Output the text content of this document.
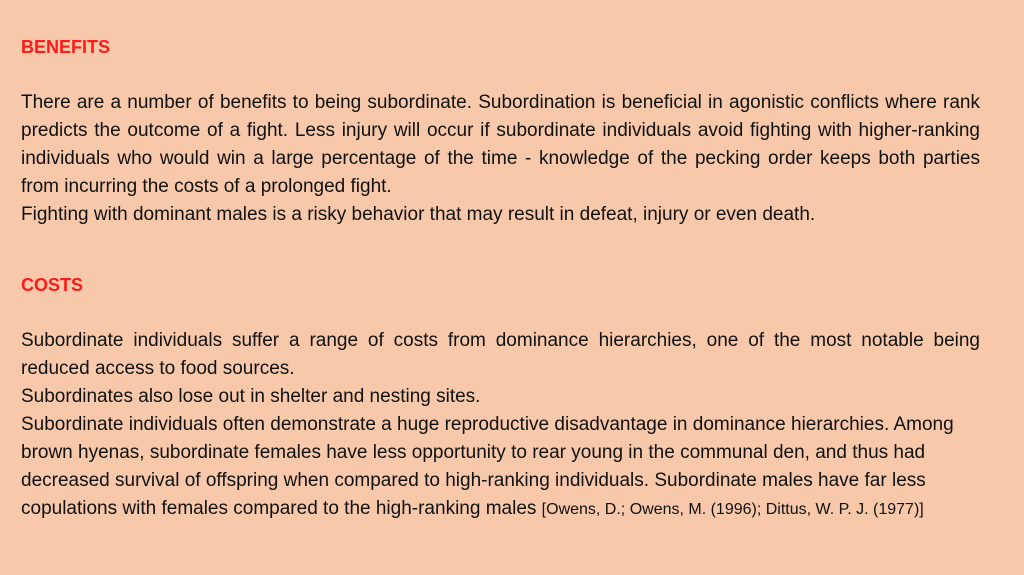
BENEFITS

There are a number of benefits to being subordinate. Subordination is beneficial in agonistic conflicts where rank predicts the outcome of a fight. Less injury will occur if subordinate individuals avoid fighting with higher-ranking individuals who would win a large percentage of the time - knowledge of the pecking order keeps both parties from incurring the costs of a prolonged fight.

Fighting with dominant males is a risky behavior that may result in defeat, injury or even death.

COSTS

Subordinate individuals suffer a range of costs from dominance hierarchies, one of the most notable being reduced access to food sources.

Subordinates also lose out in shelter and nesting sites.

Subordinate individuals often demonstrate a huge reproductive disadvantage in dominance hierarchies. Among brown hyenas, subordinate females have less opportunity to rear young in the communal den, and thus had decreased survival of offspring when compared to high-ranking individuals. Subordinate males have far less copulations with females compared to the high-ranking males [Owens, D.; Owens, M. (1996); Dittus, W. P. J. (1977)]
